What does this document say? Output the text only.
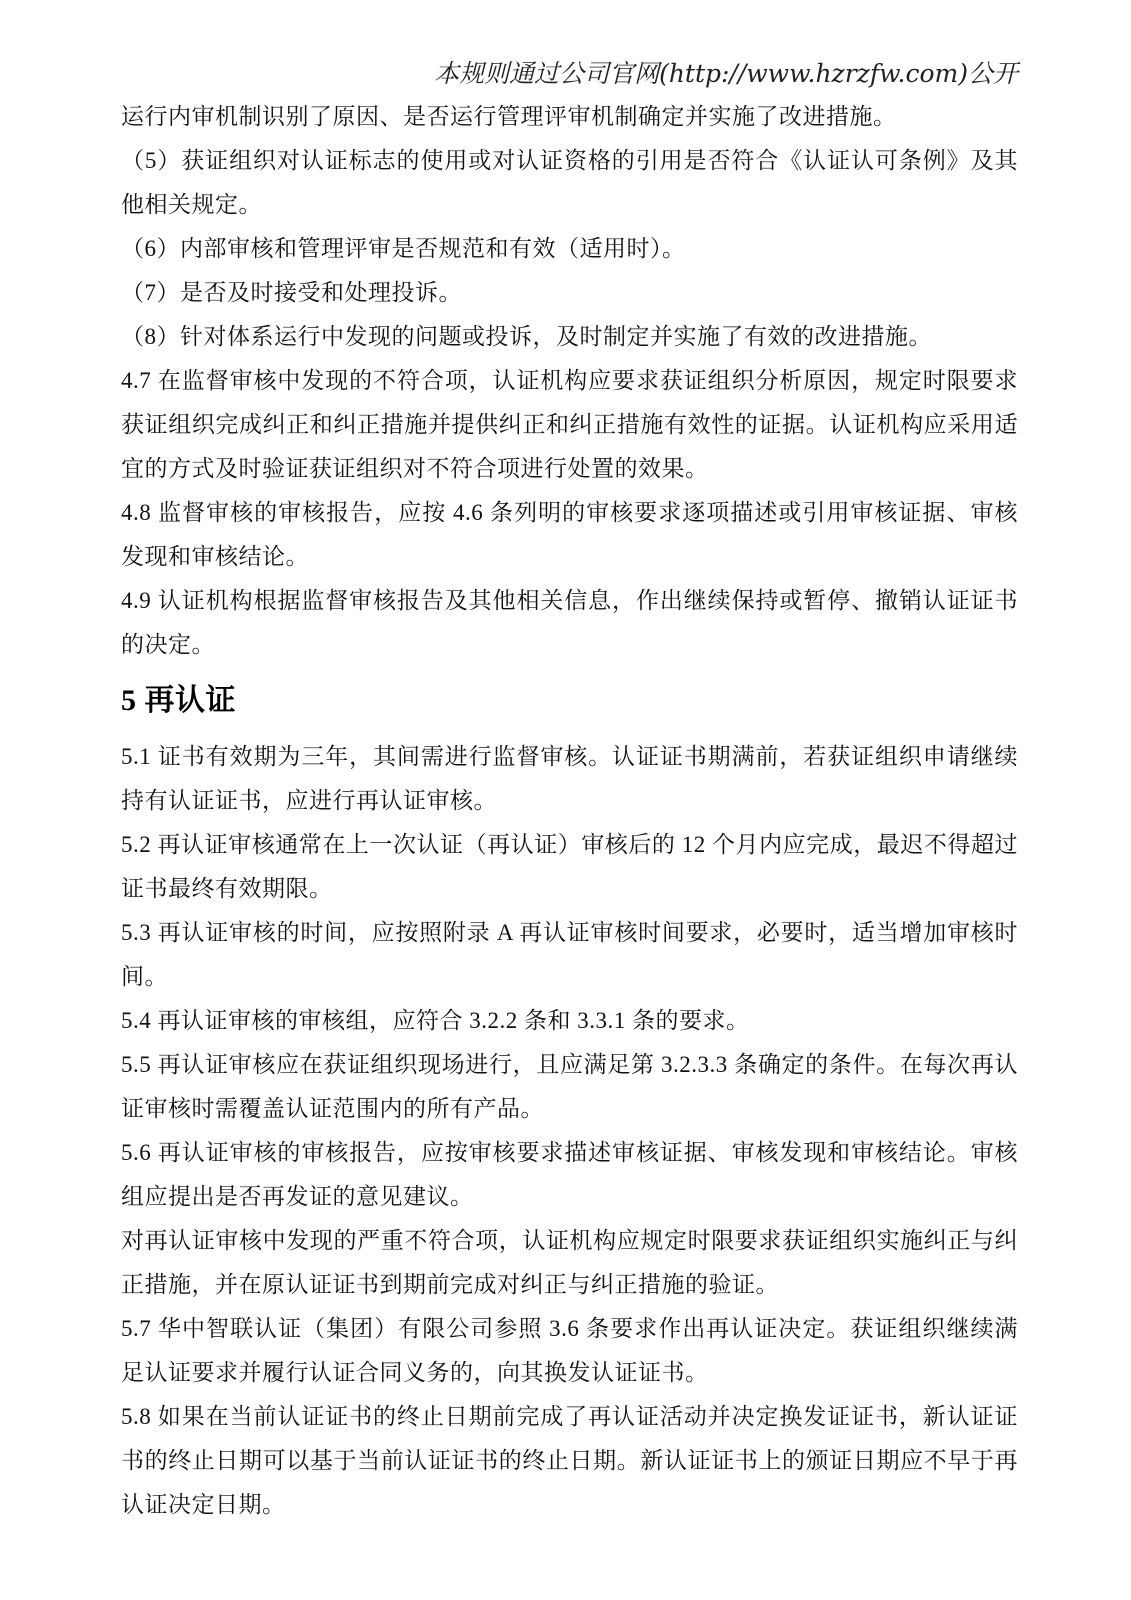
本规则通过公司官网(http://www.hzrzfw.com)公开
运行内审机制识别了原因、是否运行管理评审机制确定并实施了改进措施。
（5）获证组织对认证标志的使用或对认证资格的引用是否符合《认证认可条例》及其他相关规定。
（6）内部审核和管理评审是否规范和有效（适用时）。
（7）是否及时接受和处理投诉。
（8）针对体系运行中发现的问题或投诉，及时制定并实施了有效的改进措施。
4.7 在监督审核中发现的不符合项，认证机构应要求获证组织分析原因，规定时限要求获证组织完成纠正和纠正措施并提供纠正和纠正措施有效性的证据。认证机构应采用适宜的方式及时验证获证组织对不符合项进行处置的效果。
4.8 监督审核的审核报告，应按 4.6 条列明的审核要求逐项描述或引用审核证据、审核发现和审核结论。
4.9 认证机构根据监督审核报告及其他相关信息，作出继续保持或暂停、撤销认证证书的决定。
5 再认证
5.1 证书有效期为三年，其间需进行监督审核。认证证书期满前，若获证组织申请继续持有认证证书，应进行再认证审核。
5.2 再认证审核通常在上一次认证（再认证）审核后的 12 个月内应完成，最迟不得超过证书最终有效期限。
5.3 再认证审核的时间，应按照附录 A 再认证审核时间要求，必要时，适当增加审核时间。
5.4 再认证审核的审核组，应符合 3.2.2 条和 3.3.1 条的要求。
5.5 再认证审核应在获证组织现场进行，且应满足第 3.2.3.3 条确定的条件。在每次再认证审核时需覆盖认证范围内的所有产品。
5.6 再认证审核的审核报告，应按审核要求描述审核证据、审核发现和审核结论。审核组应提出是否再发证的意见建议。
对再认证审核中发现的严重不符合项，认证机构应规定时限要求获证组织实施纠正与纠正措施，并在原认证证书到期前完成对纠正与纠正措施的验证。
5.7 华中智联认证（集团）有限公司参照 3.6 条要求作出再认证决定。获证组织继续满足认证要求并履行认证合同义务的，向其换发认证证书。
5.8 如果在当前认证证书的终止日期前完成了再认证活动并决定换发证证书，新认证证书的终止日期可以基于当前认证证书的终止日期。新认证证书上的颁证日期应不早于再认证决定日期。
